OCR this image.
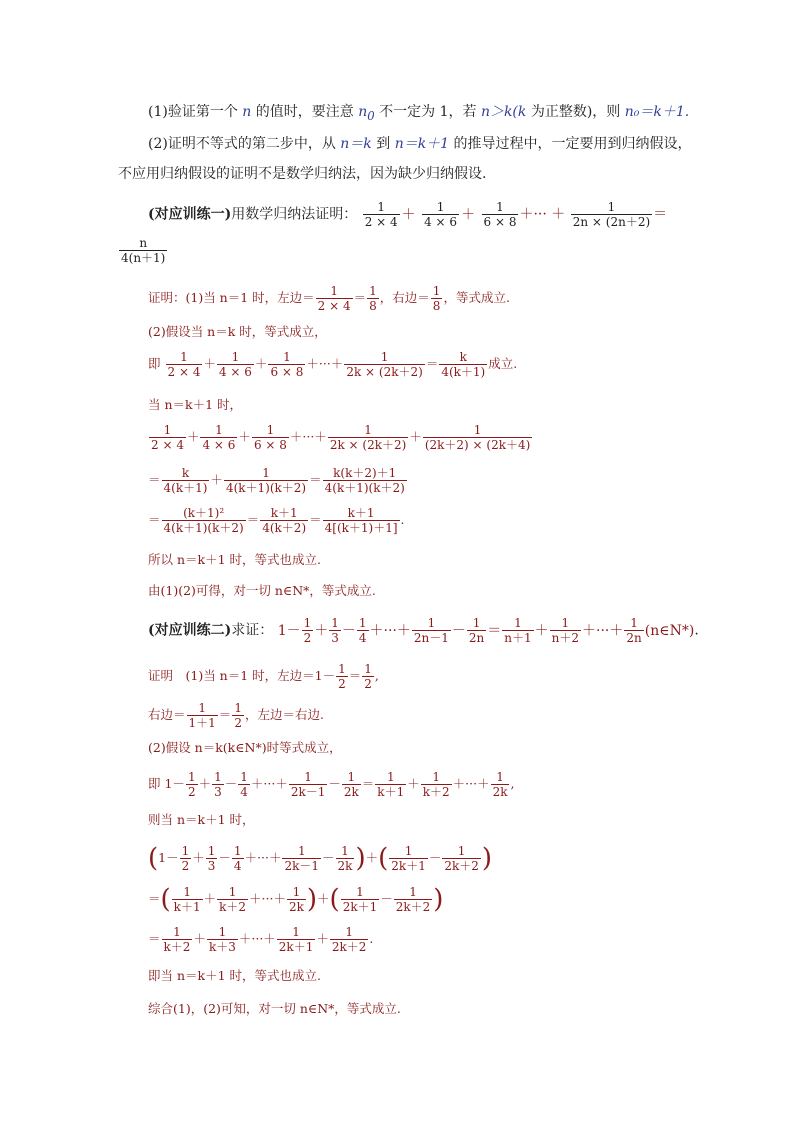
(1)验证第一个 n 的值时，要注意 $n_0$ 不一定为 1，若 n＞k(k 为正整数)，则 n₀＝k＋1.
(2)证明不等式的第二步中，从 n＝k 到 n＝k＋1 的推导过程中，一定要用到归纳假设，
不应用归纳假设的证明不是数学归纳法，因为缺少归纳假设.
(对应训练一)用数学归纳法证明： $\frac{1}{2 \times 4} + \frac{1}{4 \times 6} + \frac{1}{6 \times 8}$ ＋··· ＋ $\frac{1}{2n \times (2n+2)}$ ＝
$\frac{n}{4(n+1)}$
证明：(1)当 n＝1 时，左边＝ $\frac{1}{2 \times 4} = \frac{1}{8}$ ，右边＝ $\frac{1}{8}$ ，等式成立.
(2)假设当 n＝k 时，等式成立，
即 $\frac{1}{2 \times 4} + \frac{1}{4 \times 6} + \frac{1}{6 \times 8}$ ＋···＋ $\frac{1}{2k \times (2k+2)} = \frac{k}{4(k+1)}$ 成立.
当 n＝k＋1 时，
$\frac{1}{2 \times 4} + \frac{1}{4 \times 6} + \frac{1}{6 \times 8}$ ＋···＋ $\frac{1}{2k \times (2k+2)} + \frac{1}{(2k+2) \times (2k+4)}$
＝ $\frac{k}{4(k+1)} + \frac{1}{4(k+1)(k+2)} = \frac{k(k+2)+1}{4(k+1)(k+2)}$
＝ $\frac{\text{(k＋1)²}}{4(k+1)(k+2)} = \frac{k+1}{4(k+2)} = \frac{k+1}{4[(k+1)+1]}$ .
所以 n＝k＋1 时，等式也成立.
由(1)(2)可得，对一切 n∈N*，等式成立.
(对应训练二)求证： $1- \frac{1}{2} + \frac{1}{3} - \frac{1}{4}$ ＋···＋ $\frac{1}{2n-1} - \frac{1}{2n} = \frac{1}{n+1} + \frac{1}{n+2}$ ＋···＋ $\frac{1}{2n}$ (n∈N*).
证明　(1)当 n＝1 时，左边$=1- \frac{1}{2} = \frac{1}{2}$ ,
右边＝ $\frac{1}{1+1} = \frac{1}{2}$ ，左边＝右边.
(2)假设 n＝k(k∈N*)时等式成立，
即 $1- \frac{1}{2} + \frac{1}{3} - \frac{1}{4}$ ＋···＋ $\frac{1}{2k-1} - \frac{1}{2k} = \frac{1}{k+1} + \frac{1}{k+2}$ ＋···＋ $\frac{1}{2k}$ ,
则当 n＝k＋1 时，
($1- \frac{1}{2} + \frac{1}{3} - \frac{1}{4}$ ＋···＋ $\frac{1}{2k-1} - \frac{1}{2k}$ )＋( $\frac{1}{2k+1} - \frac{1}{2k+2}$ )
＝( $\frac{1}{k+1} + \frac{1}{k+2}$ ＋···＋ $\frac{1}{2k}$ )＋( $\frac{1}{2k+1} - \frac{1}{2k+2}$ )
＝ $\frac{1}{k+2} + \frac{1}{k+3}$ ＋···＋ $\frac{1}{2k+1} + \frac{1}{2k+2}$ .
即当 n＝k＋1 时，等式也成立.
综合(1)，(2)可知，对一切 n∈N*，等式成立.
